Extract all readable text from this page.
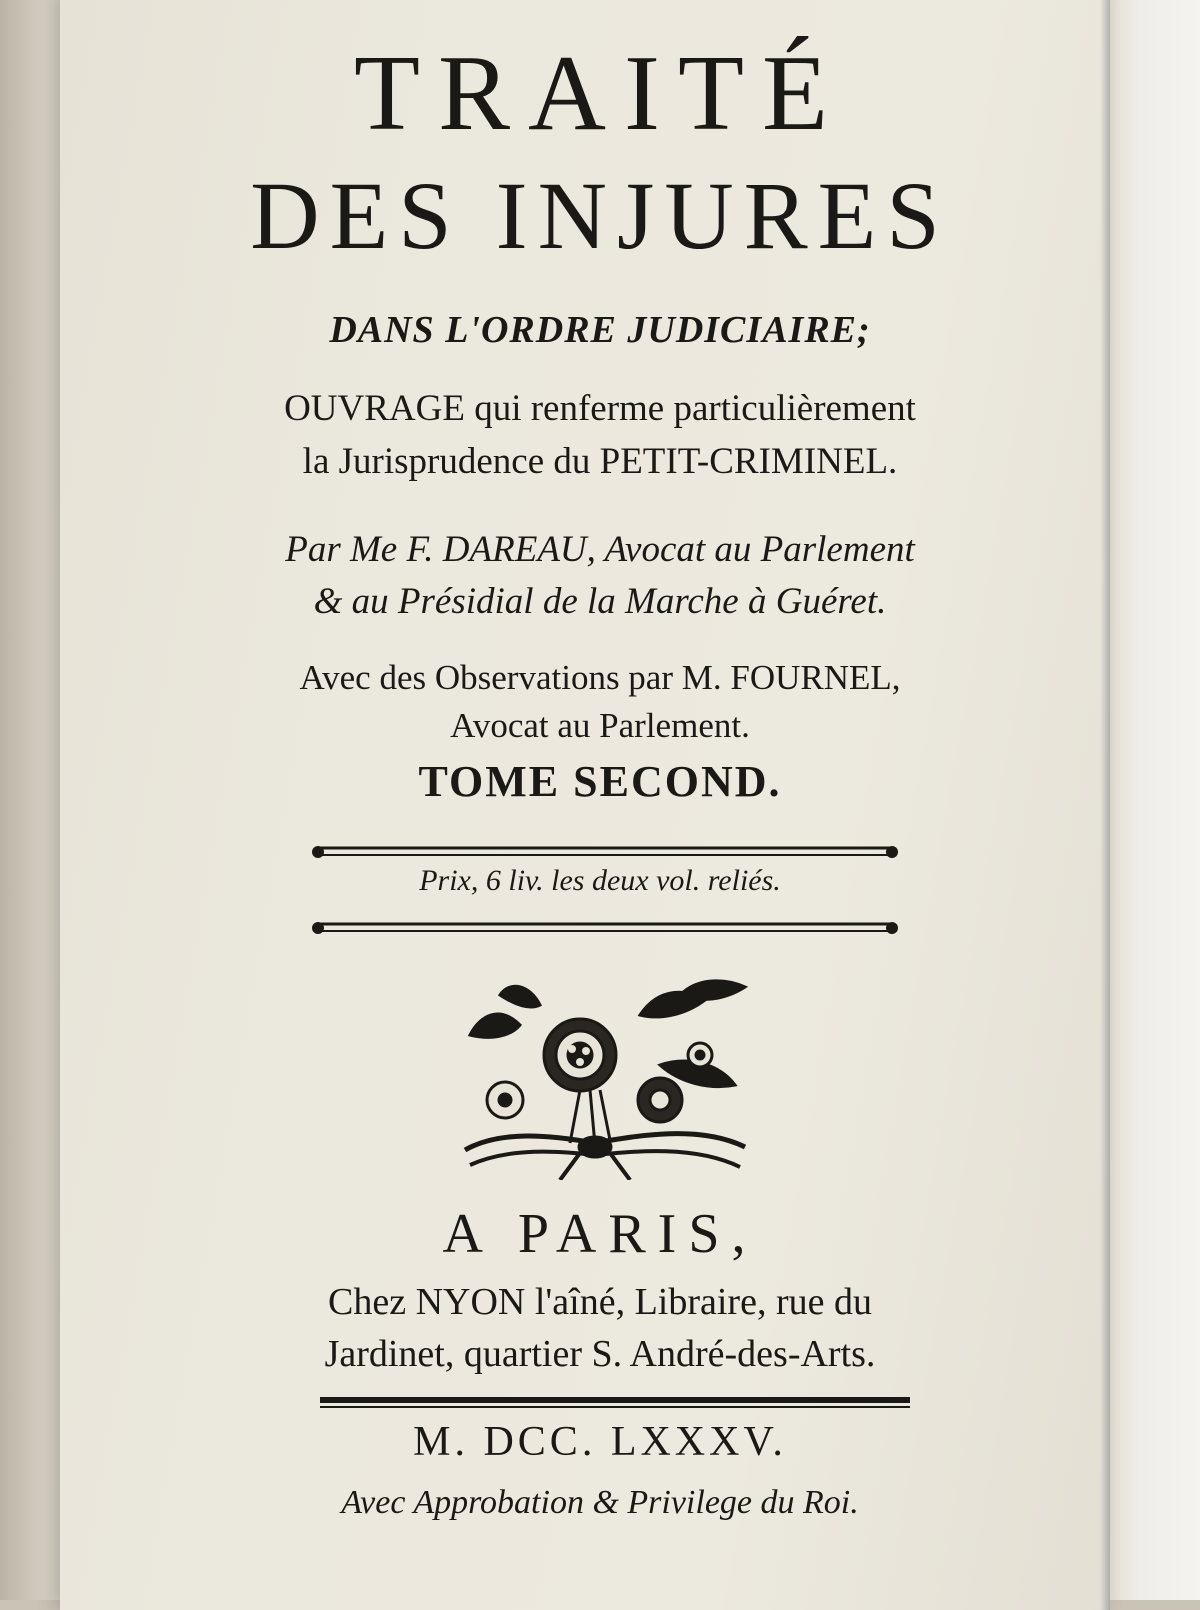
TRAITÉ
DES INJURES
DANS L'ORDRE JUDICIAIRE;
OUVRAGE qui renferme particulièrement
la Jurisprudence du PETIT-CRIMINEL.
Par Me F. DAREAU, Avocat au Parlement
& au Présidial de la Marche à Guéret.
Avec des Observations par M. FOURNEL,
Avocat au Parlement.
TOME SECOND.
Prix, 6 liv. les deux vol. reliés.
A PARIS,
Chez NYON l'aîné, Libraire, rue du
Jardinet, quartier S. André-des-Arts.
M. DCC. LXXXV.
Avec Approbation & Privilege du Roi.
